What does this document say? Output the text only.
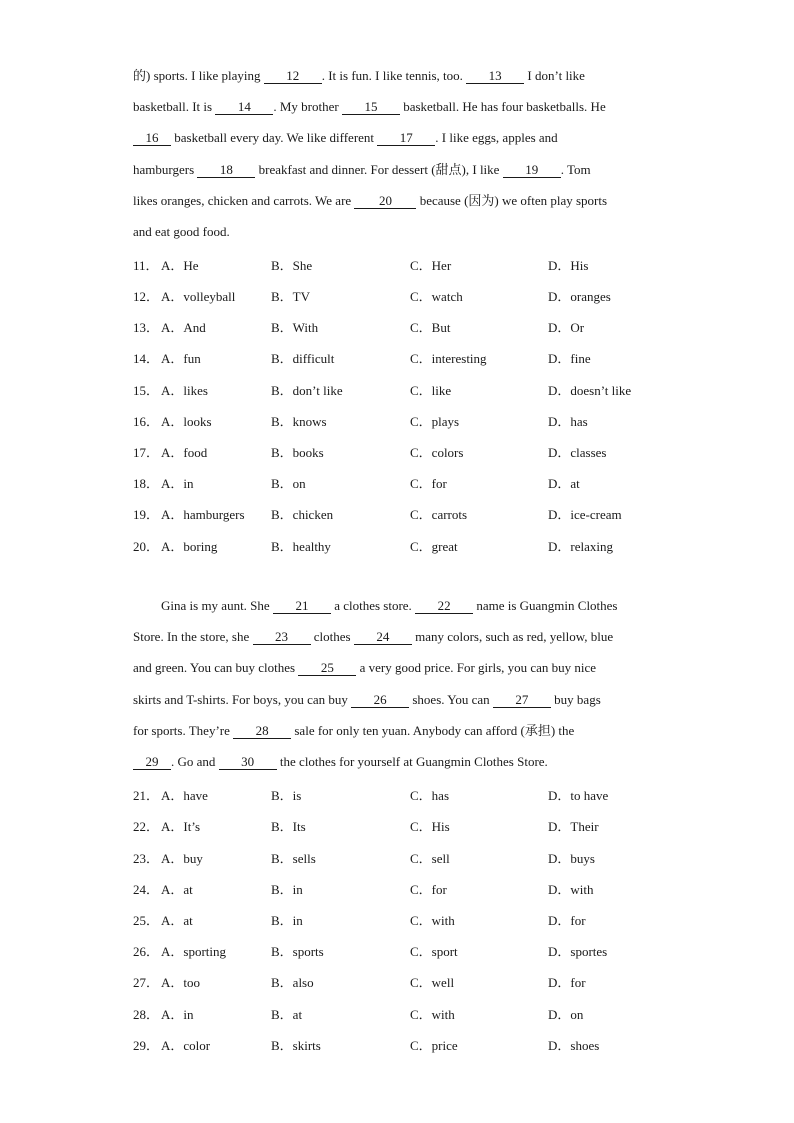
的) sports. I like playing 12 . It is fun. I like tennis, too. 13 I don’t like
basketball. It is 14 . My brother 15 basketball. He has four basketballs. He
16 basketball every day. We like different 17 . I like eggs, apples and
hamburgers 18 breakfast and dinner. For dessert (甜点), I like 19 . Tom
likes oranges, chicken and carrots. We are 20 because (因为) we often play sports
and eat good food.
11． A．He	B．She	C．Her	D．His
12． A．volleyball	B．TV	C．watch	D．oranges
13． A．And	B．With	C．But	D．Or
14． A．fun	B．difficult	C．interesting	D．fine
15． A．likes	B．don’t like	C．like	D．doesn’t like
16． A．looks	B．knows	C．plays	D．has
17． A．food	B．books	C．colors	D．classes
18． A．in	B．on	C．for	D．at
19． A．hamburgers B．chicken	C．carrots	D．ice-cream
20． A．boring	B．healthy	C．great	D．relaxing
Gina is my aunt. She 21 a clothes store. 22 name is Guangmin Clothes
Store. In the store, she 23 clothes 24 many colors, such as red, yellow, blue
and green. You can buy clothes 25 a very good price. For girls, you can buy nice
skirts and T-shirts. For boys, you can buy 26 shoes. You can 27 buy bags
for sports. They’re 28 sale for only ten yuan. Anybody can afford (承担) the
29 . Go and 30 the clothes for yourself at Guangmin Clothes Store.
21． A．have	B．is	C．has	D．to have
22． A．It’s	B．Its	C．His	D．Their
23． A．buy	B．sells	C．sell	D．buys
24． A．at	B．in	C．for	D．with
25． A．at	B．in	C．with	D．for
26． A．sporting	B．sports	C．sport	D．sportes
27． A．too	B．also	C．well	D．for
28． A．in	B．at	C．with	D．on
29． A．color	B．skirts	C．price	D．shoes
